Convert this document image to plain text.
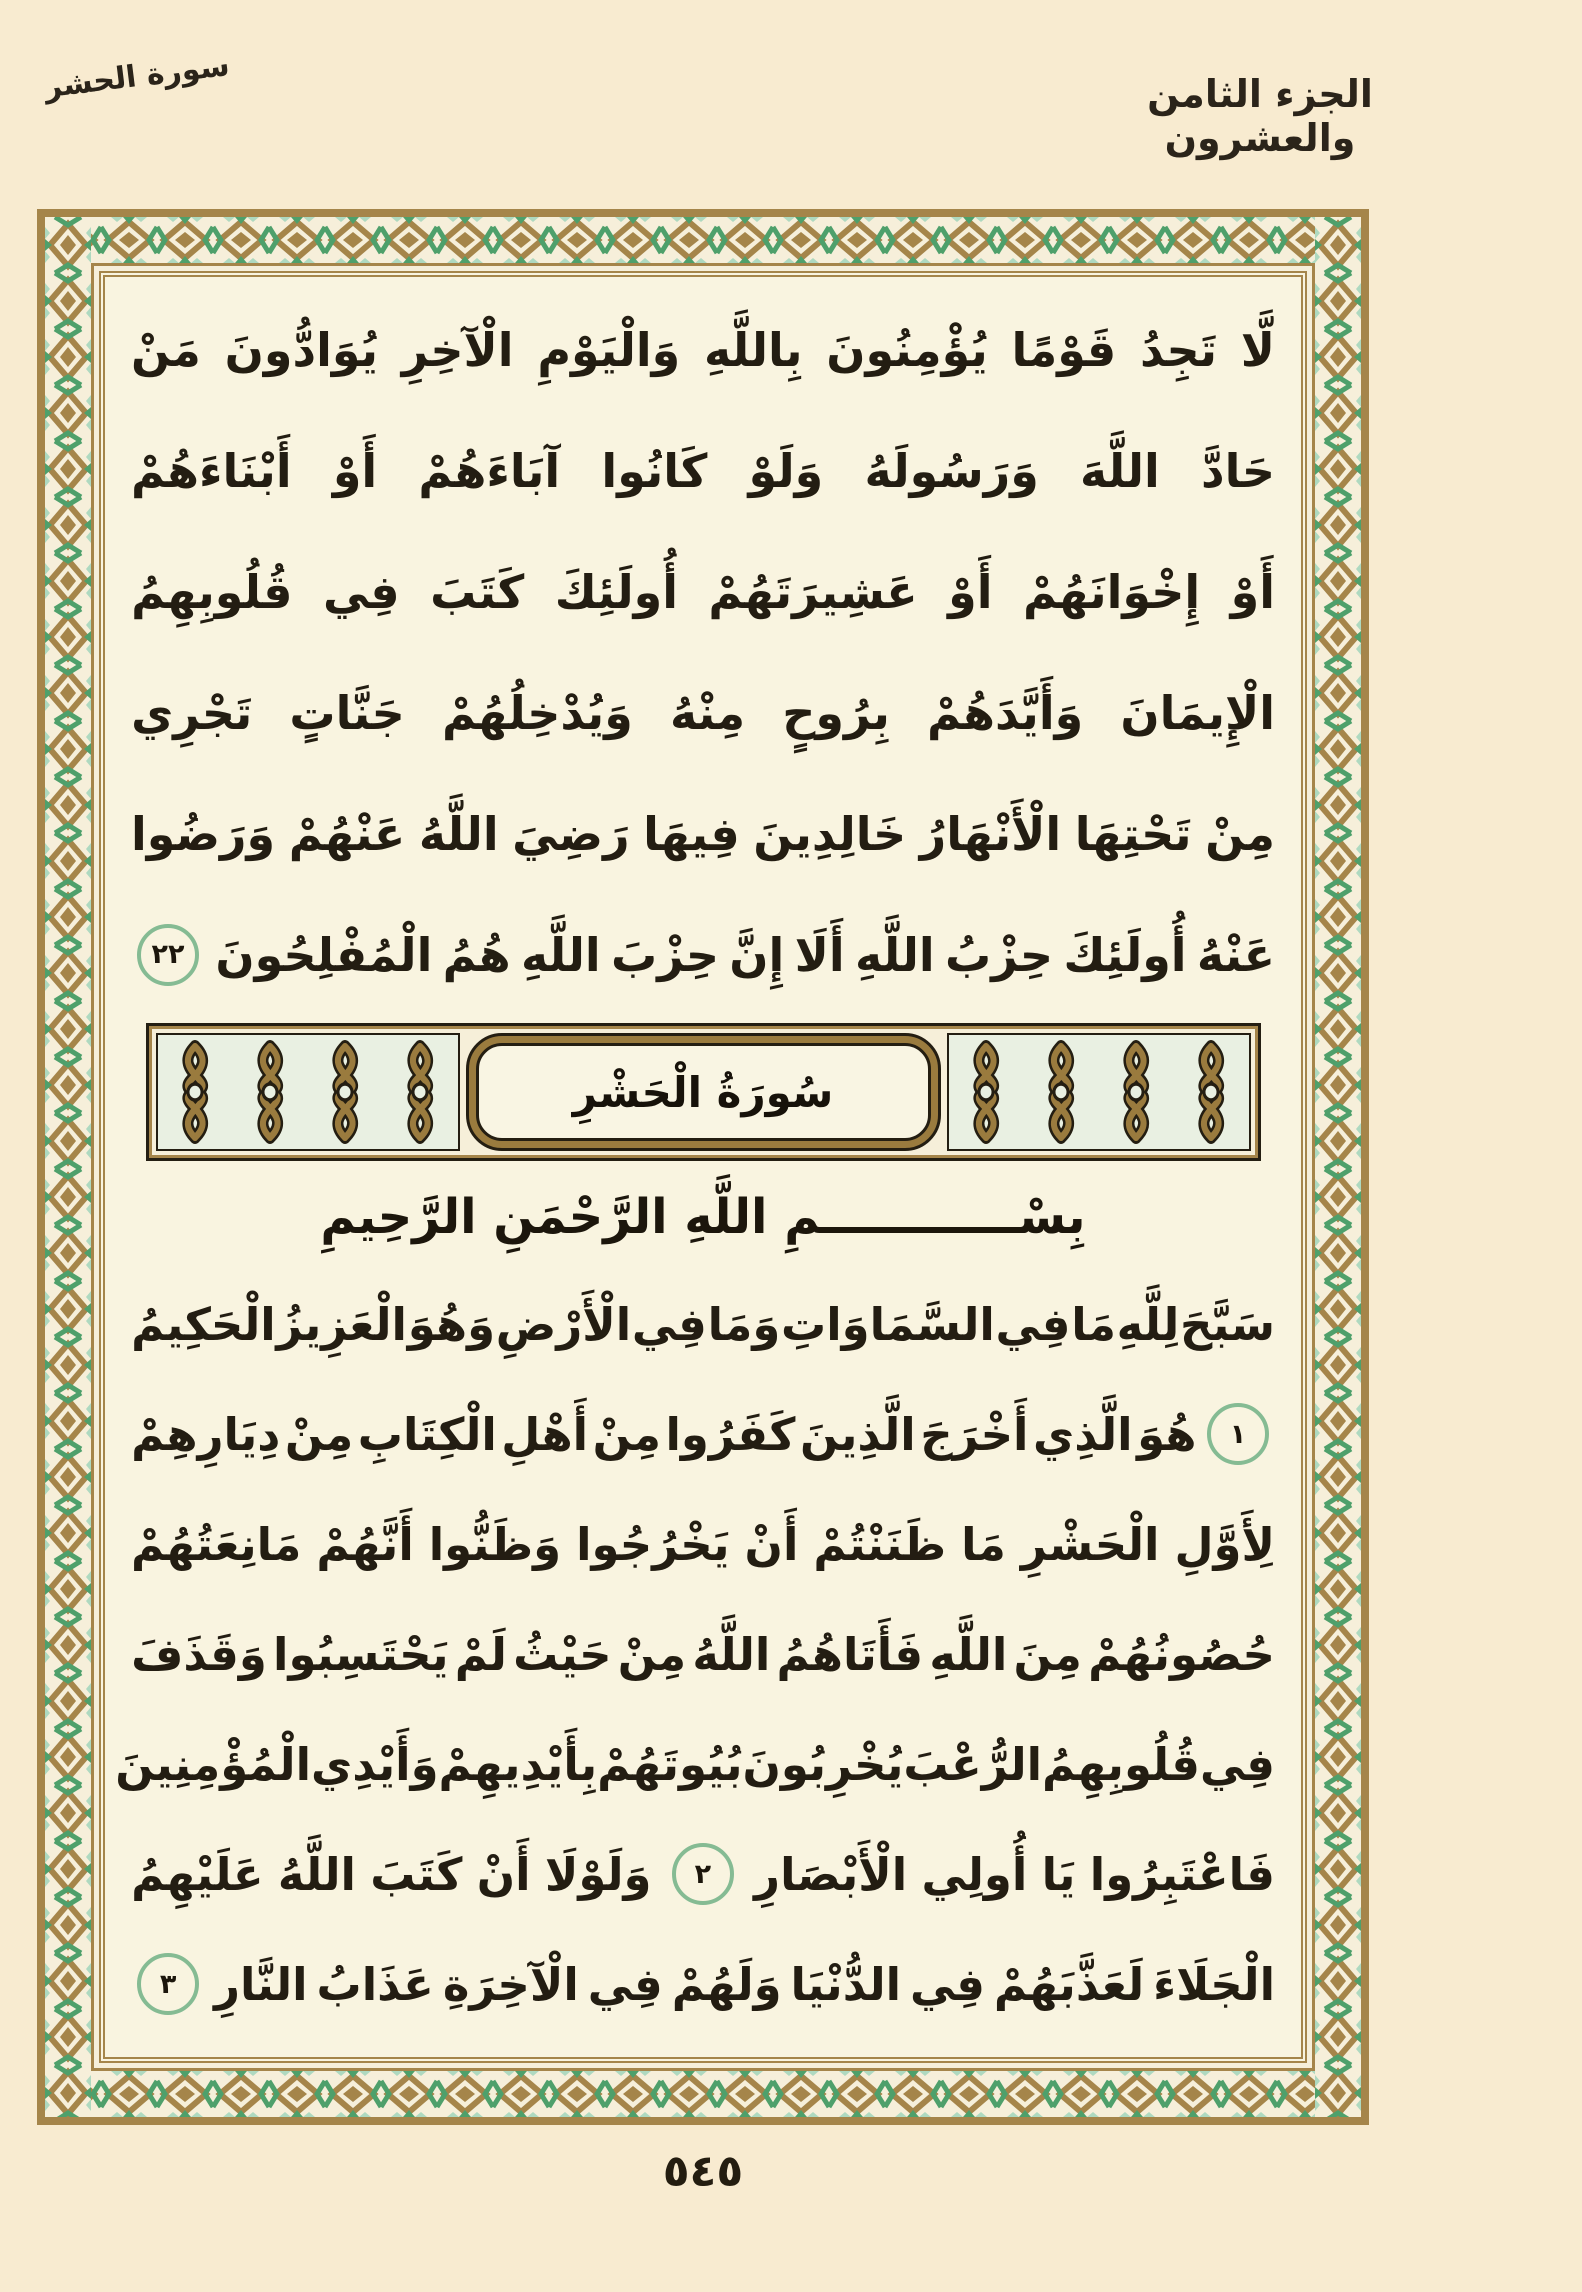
سورة الحشر	الجزء الثامن والعشرون
لَّا
تَجِدُ
قَوْمًا
يُؤْمِنُونَ
بِاللَّهِ
وَالْيَوْمِ
الْآخِرِ
يُوَادُّونَ
مَنْ
حَادَّ
اللَّهَ
وَرَسُولَهُ
وَلَوْ
كَانُوا
آبَاءَهُمْ
أَوْ
أَبْنَاءَهُمْ
أَوْ
إِخْوَانَهُمْ
أَوْ
عَشِيرَتَهُمْ
أُولَئِكَ
كَتَبَ
فِي
قُلُوبِهِمُ
الْإِيمَانَ
وَأَيَّدَهُمْ
بِرُوحٍ
مِنْهُ
وَيُدْخِلُهُمْ
جَنَّاتٍ
تَجْرِي
مِنْ
تَحْتِهَا
الْأَنْهَارُ
خَالِدِينَ
فِيهَا
رَضِيَ
اللَّهُ
عَنْهُمْ
وَرَضُوا
عَنْهُ
أُولَئِكَ
حِزْبُ
اللَّهِ
أَلَا
إِنَّ
حِزْبَ
اللَّهِ
هُمُ
الْمُفْلِحُونَ
٢٢
سُورَةُ الْحَشْرِ
بِسْــــــــــــمِ اللَّهِ الرَّحْمَنِ الرَّحِيمِ
سَبَّحَ
لِلَّهِ
مَا
فِي
السَّمَاوَاتِ
وَمَا
فِي
الْأَرْضِ
وَهُوَ
الْعَزِيزُ
الْحَكِيمُ
١
هُوَ
الَّذِي
أَخْرَجَ
الَّذِينَ
كَفَرُوا
مِنْ
أَهْلِ
الْكِتَابِ
مِنْ
دِيَارِهِمْ
لِأَوَّلِ
الْحَشْرِ
مَا
ظَنَنْتُمْ
أَنْ
يَخْرُجُوا
وَظَنُّوا
أَنَّهُمْ
مَانِعَتُهُمْ
حُصُونُهُمْ
مِنَ
اللَّهِ
فَأَتَاهُمُ
اللَّهُ
مِنْ
حَيْثُ
لَمْ
يَحْتَسِبُوا
وَقَذَفَ
فِي
قُلُوبِهِمُ
الرُّعْبَ
يُخْرِبُونَ
بُيُوتَهُمْ
بِأَيْدِيهِمْ
وَأَيْدِي
الْمُؤْمِنِينَ
فَاعْتَبِرُوا
يَا
أُولِي
الْأَبْصَارِ
٢
وَلَوْلَا
أَنْ
كَتَبَ
اللَّهُ
عَلَيْهِمُ
الْجَلَاءَ
لَعَذَّبَهُمْ
فِي
الدُّنْيَا
وَلَهُمْ
فِي
الْآخِرَةِ
عَذَابُ
النَّارِ
٣
٥٤٥
